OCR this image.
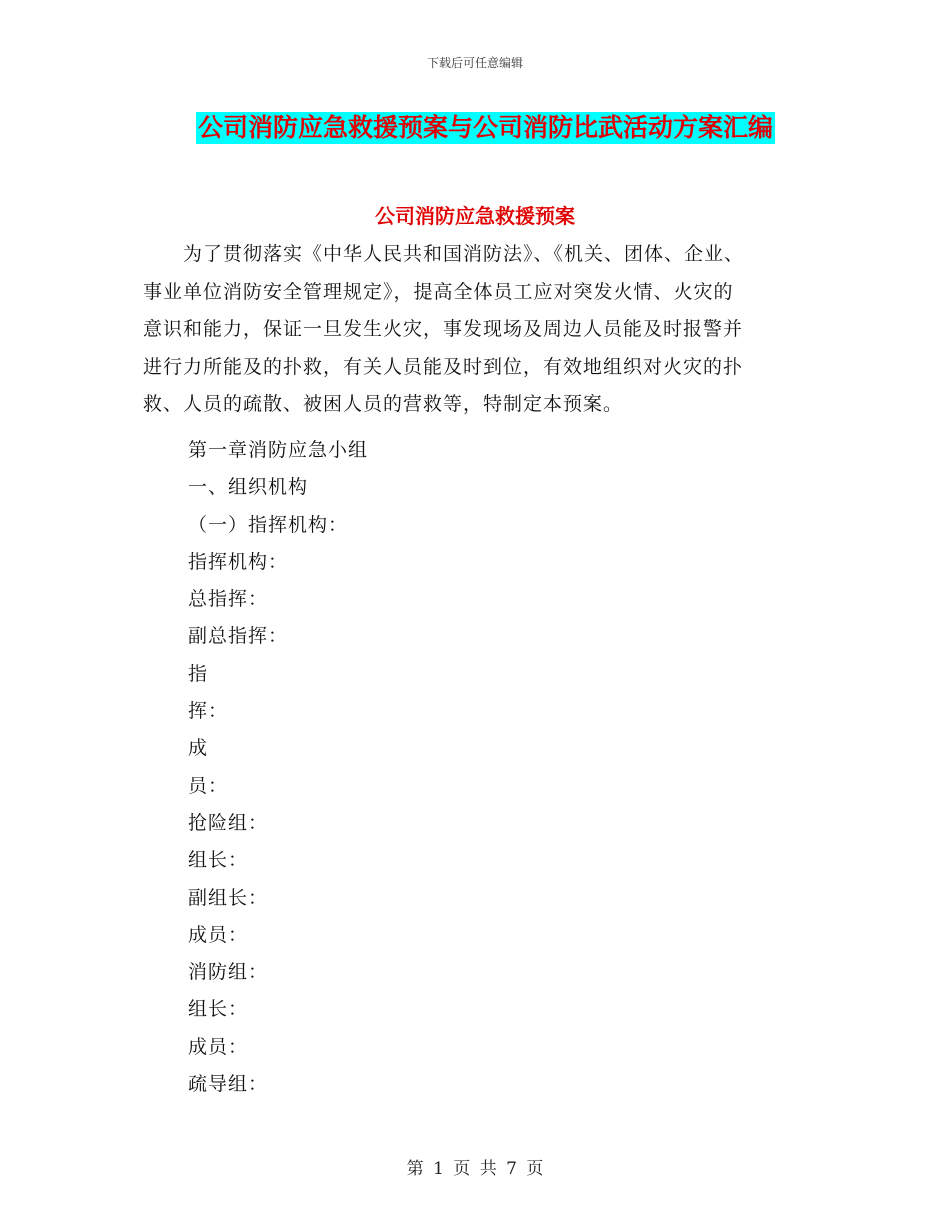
下载后可任意编辑
公司消防应急救援预案与公司消防比武活动方案汇编
公司消防应急救援预案
　　为了贯彻落实《中华人民共和国消防法》、《机关、团体、企业、
事业单位消防安全管理规定》，提高全体员工应对突发火情、火灾的
意识和能力，保证一旦发生火灾，事发现场及周边人员能及时报警并
进行力所能及的扑救，有关人员能及时到位，有效地组织对火灾的扑
救、人员的疏散、被困人员的营救等，特制定本预案。
第一章消防应急小组
一、组织机构
（一）指挥机构：
指挥机构：
总指挥：
副总指挥：
指
挥：
成
员：
抢险组：
组长：
副组长：
成员：
消防组：
组长：
成员：
疏导组：
第 1 页 共 7 页
